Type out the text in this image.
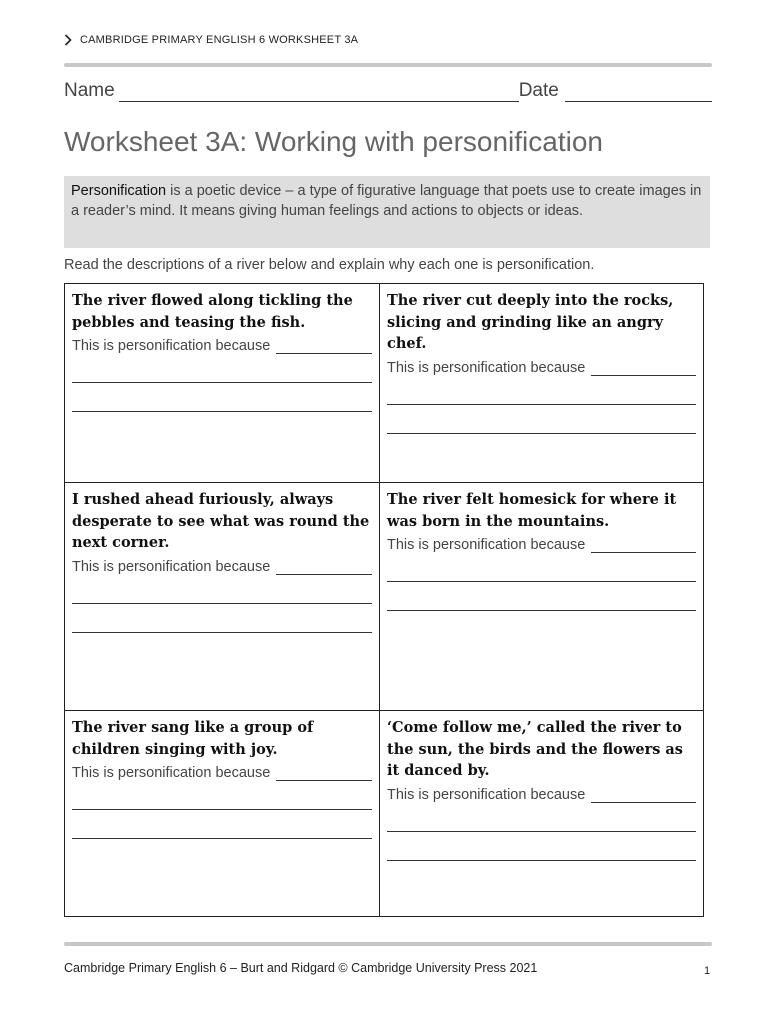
CAMBRIDGE PRIMARY ENGLISH 6 WORKSHEET 3A
Name	Date
Worksheet 3A: Working with personification
Personification is a poetic device – a type of figurative language that poets use to create images in a reader’s mind. It means giving human feelings and actions to objects or ideas.
Read the descriptions of a river below and explain why each one is personification.
The river flowed along tickling the pebbles and teasing the fish.
This is personification because
The river cut deeply into the rocks, slicing and grinding like an angry chef.
This is personification because
I rushed ahead furiously, always desperate to see what was round the next corner.
This is personification because
The river felt homesick for where it was born in the mountains.
This is personification because
The river sang like a group of children singing with joy.
This is personification because
‘Come follow me,’ called the river to the sun, the birds and the flowers as it danced by.
This is personification because
Cambridge Primary English 6 – Burt and Ridgard © Cambridge University Press 2021	1
